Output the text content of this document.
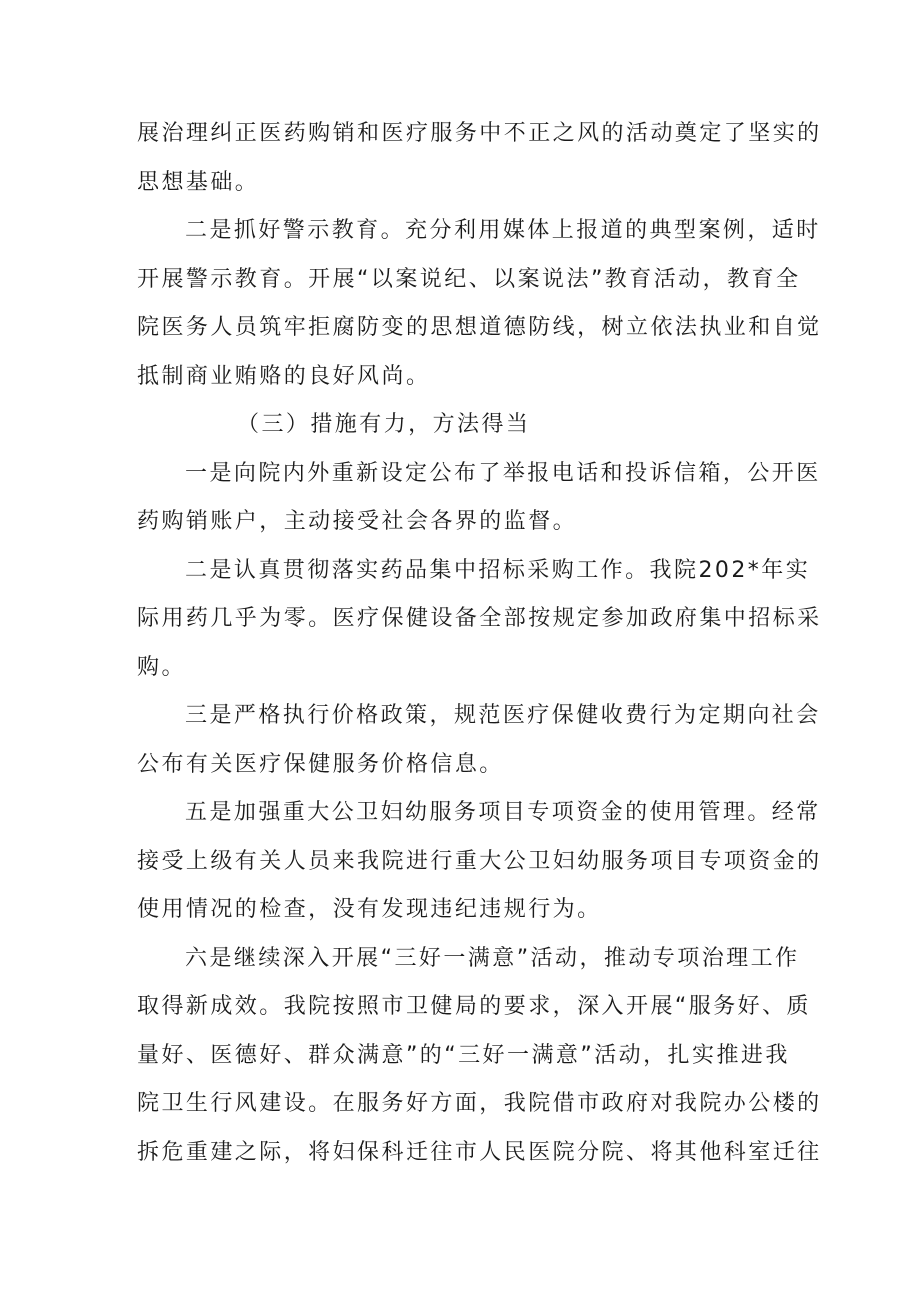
展治理纠正医药购销和医疗服务中不正之风的活动奠定了坚实的
思想基础。
二是抓好警示教育。充分利用媒体上报道的典型案例，适时
开展警示教育。开展“以案说纪、以案说法”教育活动，教育全
院医务人员筑牢拒腐防变的思想道德防线，树立依法执业和自觉
抵制商业贿赂的良好风尚。
（三）措施有力，方法得当
一是向院内外重新设定公布了举报电话和投诉信箱，公开医
药购销账户，主动接受社会各界的监督。
二是认真贯彻落实药品集中招标采购工作。我院202*年实
际用药几乎为零。医疗保健设备全部按规定参加政府集中招标采
购。
三是严格执行价格政策，规范医疗保健收费行为定期向社会
公布有关医疗保健服务价格信息。
五是加强重大公卫妇幼服务项目专项资金的使用管理。经常
接受上级有关人员来我院进行重大公卫妇幼服务项目专项资金的
使用情况的检查，没有发现违纪违规行为。
六是继续深入开展“三好一满意”活动，推动专项治理工作
取得新成效。我院按照市卫健局的要求，深入开展“服务好、质
量好、医德好、群众满意”的“三好一满意”活动，扎实推进我
院卫生行风建设。在服务好方面，我院借市政府对我院办公楼的
拆危重建之际，将妇保科迁往市人民医院分院、将其他科室迁往
